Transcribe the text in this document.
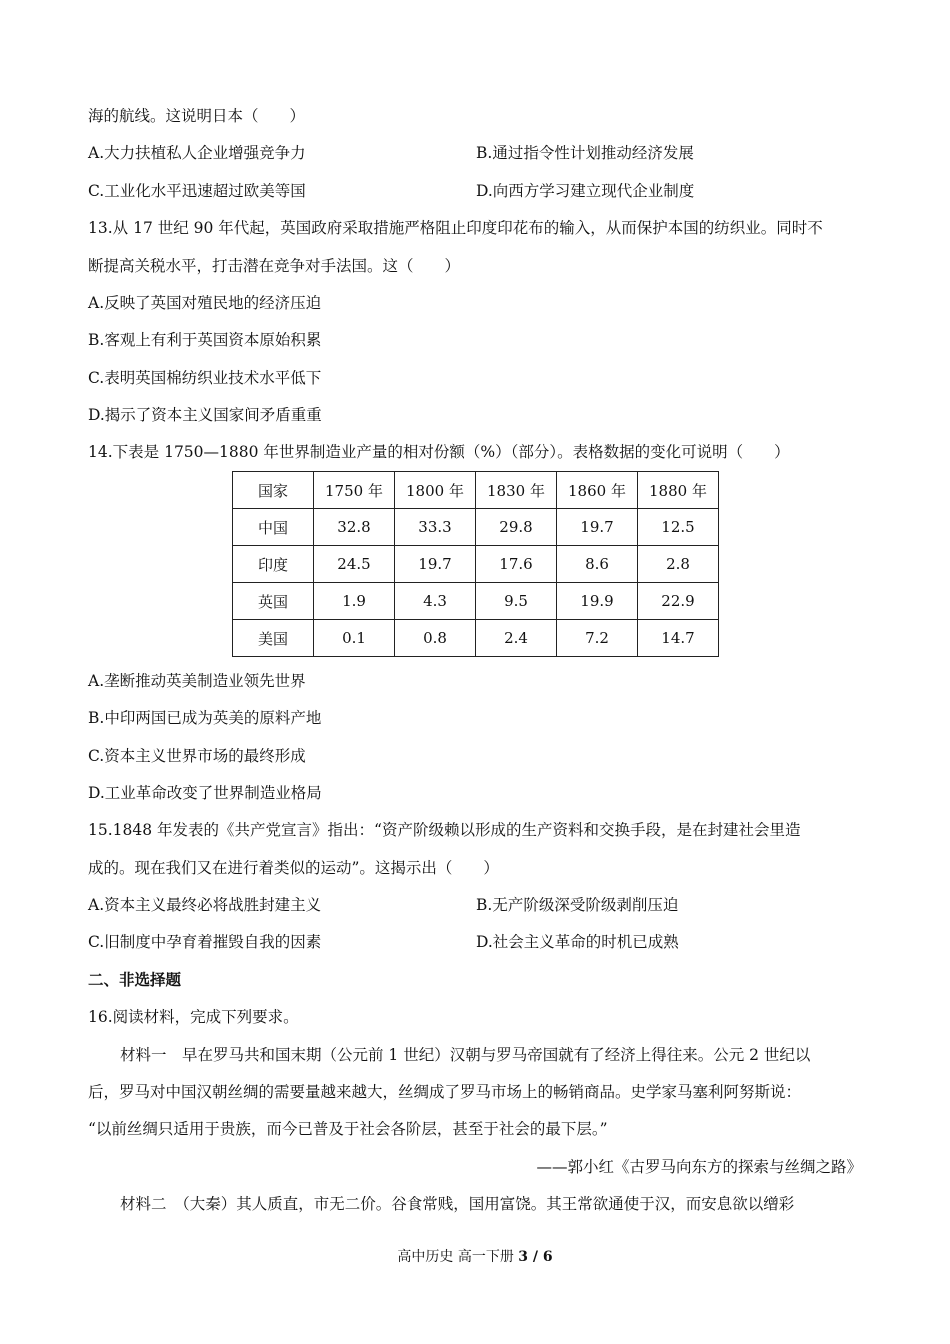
海的航线。这说明日本（　　）
A.大力扶植私人企业增强竞争力	B.通过指令性计划推动经济发展
C.工业化水平迅速超过欧美等国	D.向西方学习建立现代企业制度
13.从 17 世纪 90 年代起，英国政府采取措施严格阻止印度印花布的输入，从而保护本国的纺织业。同时不
断提高关税水平，打击潜在竞争对手法国。这（　　）
A.反映了英国对殖民地的经济压迫
B.客观上有利于英国资本原始积累
C.表明英国棉纺织业技术水平低下
D.揭示了资本主义国家间矛盾重重
14.下表是 1750—1880 年世界制造业产量的相对份额（%）（部分）。表格数据的变化可说明（　　）
国家	1750 年	1800 年	1830 年	1860 年	1880 年
中国	32.8	33.3	29.8	19.7	12.5
印度	24.5	19.7	17.6	8.6	2.8
英国	1.9	4.3	9.5	19.9	22.9
美国	0.1	0.8	2.4	7.2	14.7
A.垄断推动英美制造业领先世界
B.中印两国已成为英美的原料产地
C.资本主义世界市场的最终形成
D.工业革命改变了世界制造业格局
15.1848 年发表的《共产党宣言》指出：“资产阶级赖以形成的生产资料和交换手段，是在封建社会里造
成的。现在我们又在进行着类似的运动”。这揭示出（　　）
A.资本主义最终必将战胜封建主义	B.无产阶级深受阶级剥削压迫
C.旧制度中孕育着摧毁自我的因素	D.社会主义革命的时机已成熟
二、非选择题
16.阅读材料，完成下列要求。
材料一　早在罗马共和国末期（公元前 1 世纪）汉朝与罗马帝国就有了经济上得往来。公元 2 世纪以
后，罗马对中国汉朝丝绸的需要量越来越大，丝绸成了罗马市场上的畅销商品。史学家马塞利阿努斯说：
“以前丝绸只适用于贵族，而今已普及于社会各阶层，甚至于社会的最下层。”
——郭小红《古罗马向东方的探索与丝绸之路》
材料二　（大秦）其人质直，市无二价。谷食常贱，国用富饶。其王常欲通使于汉，而安息欲以缯彩
高中历史 高一下册 3 / 6
